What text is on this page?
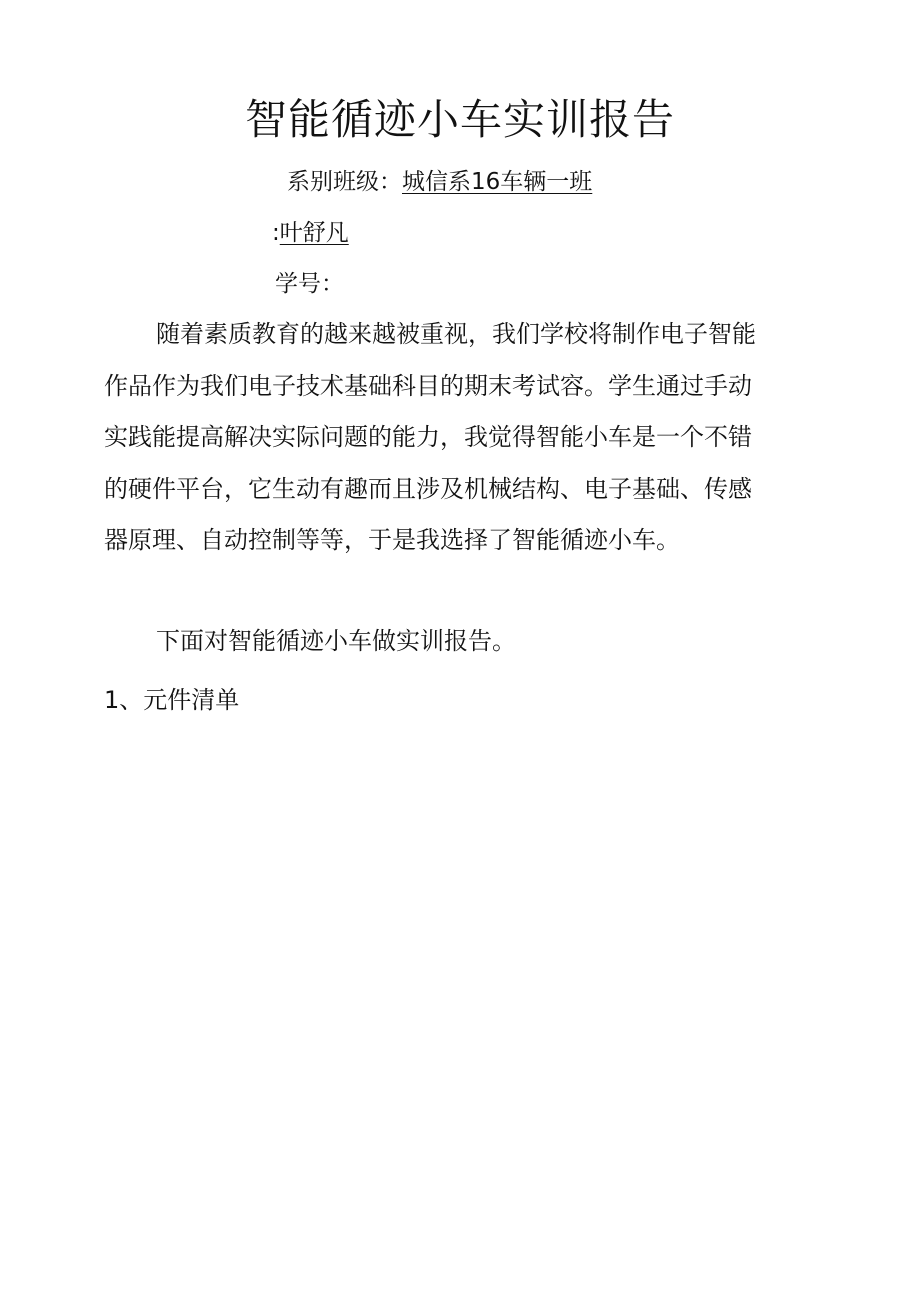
智能循迹小车实训报告
系别班级：城信系16车辆一班
:叶舒凡
学号：

随着素质教育的越来越被重视，我们学校将制作电子智能作品作为我们电子技术基础科目的期末考试容。学生通过手动实践能提高解决实际问题的能力，我觉得智能小车是一个不错的硬件平台，它生动有趣而且涉及机械结构、电子基础、传感器原理、自动控制等等，于是我选择了智能循迹小车。

下面对智能循迹小车做实训报告。

1、元件清单
